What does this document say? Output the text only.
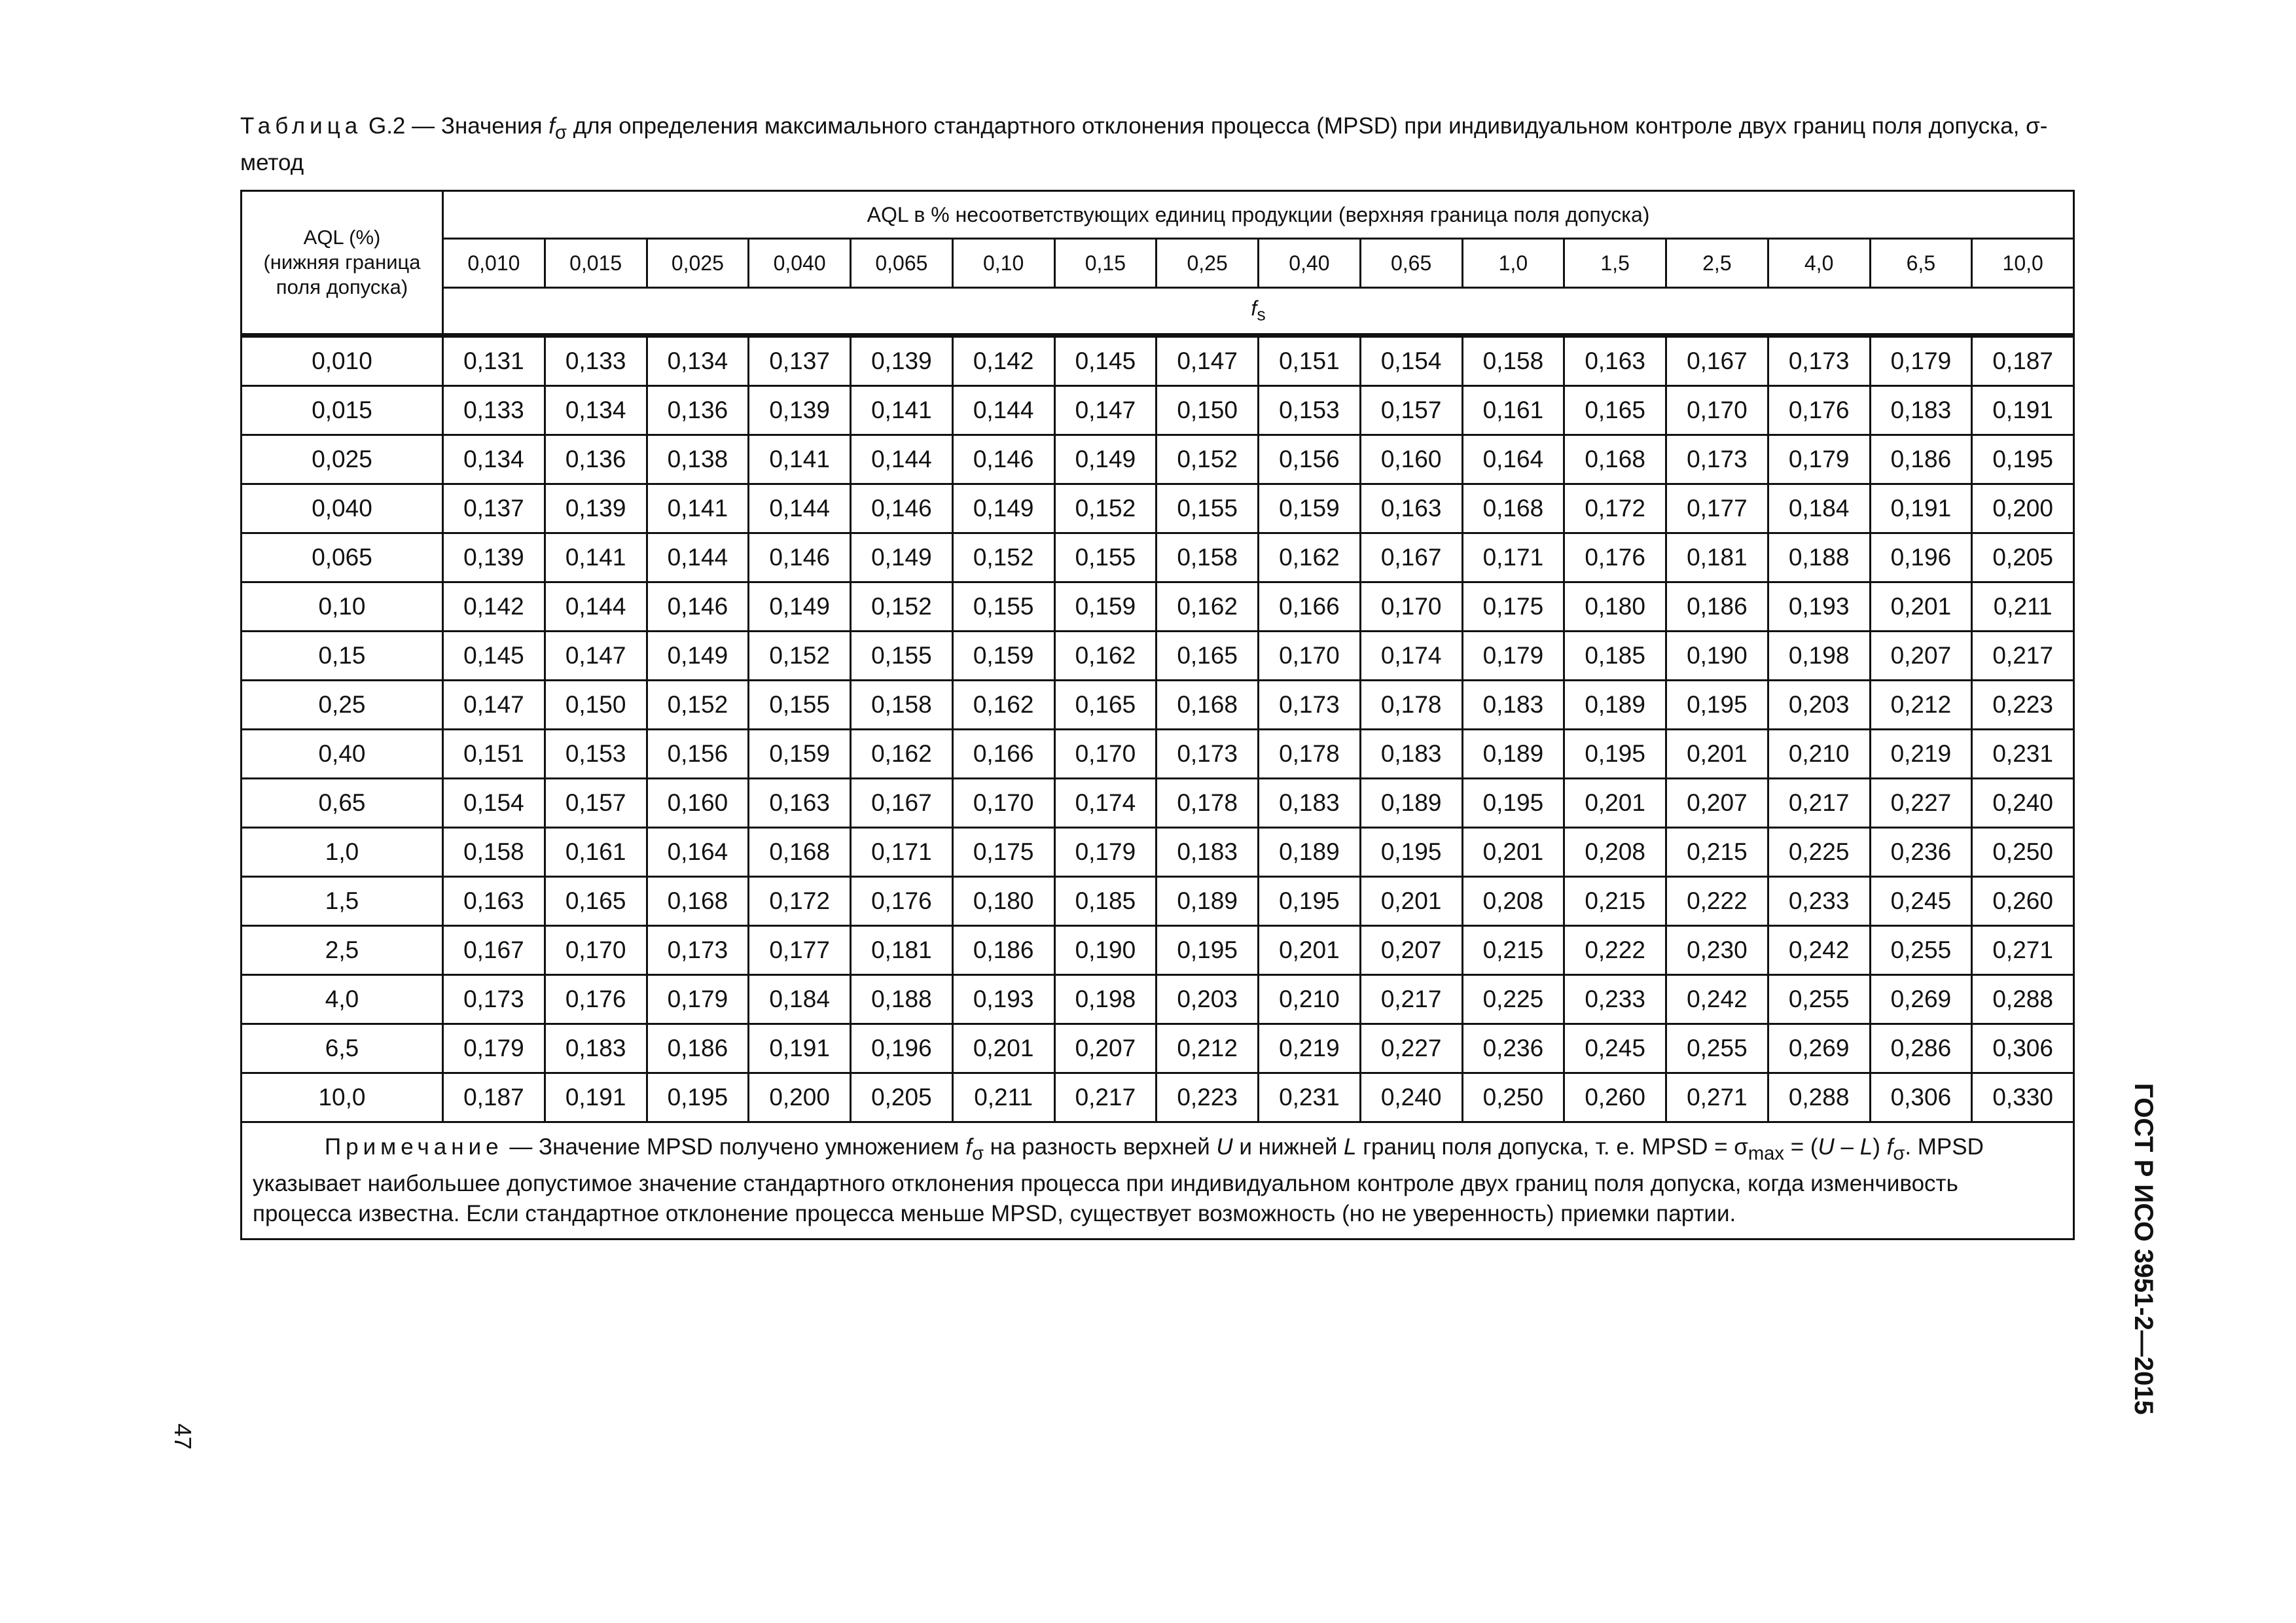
Таблица G.2 — Значения $f_\sigma$ для определения максимального стандартного отклонения процесса (MPSD) при индивидуальном контроле двух границ поля допуска, σ-метод
AQL (%)
(нижняя граница
поля допуска)	AQL в % несоответствующих единиц продукции (верхняя граница поля допуска)															
	0,010	0,015	0,025	0,040	0,065	0,10	0,15	0,25	0,40	0,65	1,0	1,5	2,5	4,0	6,5	10,0
	$f_s$
0,010	0,131	0,133	0,134	0,137	0,139	0,142	0,145	0,147	0,151	0,154	0,158	0,163	0,167	0,173	0,179	0,187
0,015	0,133	0,134	0,136	0,139	0,141	0,144	0,147	0,150	0,153	0,157	0,161	0,165	0,170	0,176	0,183	0,191
0,025	0,134	0,136	0,138	0,141	0,144	0,146	0,149	0,152	0,156	0,160	0,164	0,168	0,173	0,179	0,186	0,195
0,040	0,137	0,139	0,141	0,144	0,146	0,149	0,152	0,155	0,159	0,163	0,168	0,172	0,177	0,184	0,191	0,200
0,065	0,139	0,141	0,144	0,146	0,149	0,152	0,155	0,158	0,162	0,167	0,171	0,176	0,181	0,188	0,196	0,205
0,10	0,142	0,144	0,146	0,149	0,152	0,155	0,159	0,162	0,166	0,170	0,175	0,180	0,186	0,193	0,201	0,211
0,15	0,145	0,147	0,149	0,152	0,155	0,159	0,162	0,165	0,170	0,174	0,179	0,185	0,190	0,198	0,207	0,217
0,25	0,147	0,150	0,152	0,155	0,158	0,162	0,165	0,168	0,173	0,178	0,183	0,189	0,195	0,203	0,212	0,223
0,40	0,151	0,153	0,156	0,159	0,162	0,166	0,170	0,173	0,178	0,183	0,189	0,195	0,201	0,210	0,219	0,231
0,65	0,154	0,157	0,160	0,163	0,167	0,170	0,174	0,178	0,183	0,189	0,195	0,201	0,207	0,217	0,227	0,240
1,0	0,158	0,161	0,164	0,168	0,171	0,175	0,179	0,183	0,189	0,195	0,201	0,208	0,215	0,225	0,236	0,250
1,5	0,163	0,165	0,168	0,172	0,176	0,180	0,185	0,189	0,195	0,201	0,208	0,215	0,222	0,233	0,245	0,260
2,5	0,167	0,170	0,173	0,177	0,181	0,186	0,190	0,195	0,201	0,207	0,215	0,222	0,230	0,242	0,255	0,271
4,0	0,173	0,176	0,179	0,184	0,188	0,193	0,198	0,203	0,210	0,217	0,225	0,233	0,242	0,255	0,269	0,288
6,5	0,179	0,183	0,186	0,191	0,196	0,201	0,207	0,212	0,219	0,227	0,236	0,245	0,255	0,269	0,286	0,306
10,0	0,187	0,191	0,195	0,200	0,205	0,211	0,217	0,223	0,231	0,240	0,250	0,260	0,271	0,288	0,306	0,330
Примечание — Значение MPSD получено умножением $f_\sigma$ на разность верхней U и нижней L границ поля допуска, т. е. MPSD = $\sigma_{max} = (U - L)$ $f_\sigma$. MPSD указывает наибольшее допустимое значение стандартного отклонения процесса при индивидуальном контроле двух границ поля допуска, когда изменчивость процесса известна. Если стандартное отклонение процесса меньше MPSD, существует возможность (но не уверенность) приемки партии.																
47
ГОСТ Р ИСО 3951-2—2015
